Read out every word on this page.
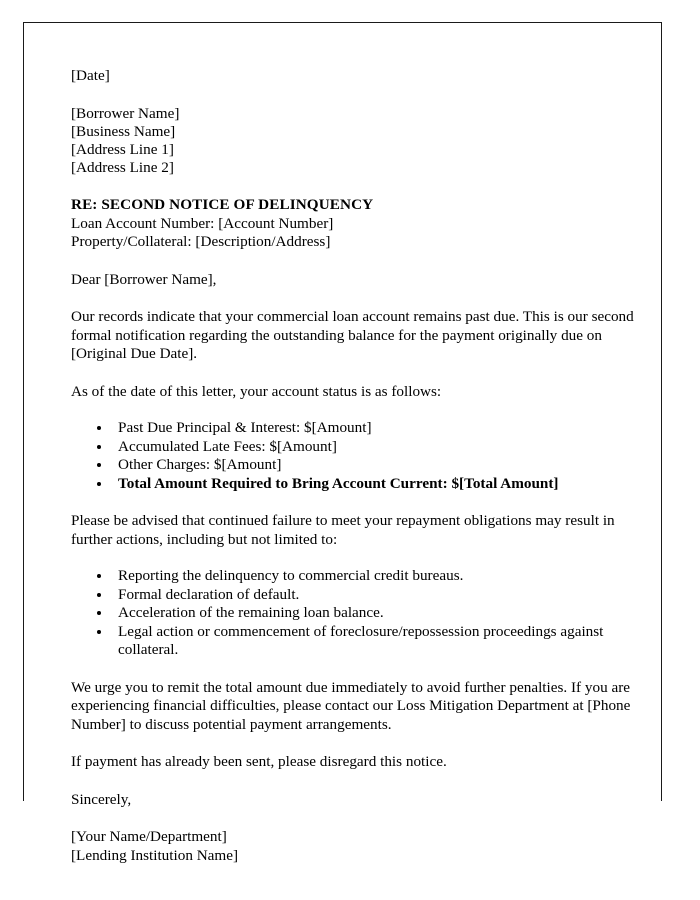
[Date]
[Borrower Name]
[Business Name]
[Address Line 1]
[Address Line 2]
RE: SECOND NOTICE OF DELINQUENCY
Loan Account Number: [Account Number]
Property/Collateral: [Description/Address]
Dear [Borrower Name],
Our records indicate that your commercial loan account remains past due. This is our second formal notification regarding the outstanding balance for the payment originally due on [Original Due Date].
As of the date of this letter, your account status is as follows:
• Past Due Principal & Interest: $[Amount]
• Accumulated Late Fees: $[Amount]
• Other Charges: $[Amount]
• Total Amount Required to Bring Account Current: $[Total Amount]
Please be advised that continued failure to meet your repayment obligations may result in further actions, including but not limited to:
• Reporting the delinquency to commercial credit bureaus.
• Formal declaration of default.
• Acceleration of the remaining loan balance.
• Legal action or commencement of foreclosure/repossession proceedings against collateral.
We urge you to remit the total amount due immediately to avoid further penalties. If you are experiencing financial difficulties, please contact our Loss Mitigation Department at [Phone Number] to discuss potential payment arrangements.
If payment has already been sent, please disregard this notice.
Sincerely,
[Your Name/Department]
[Lending Institution Name]
